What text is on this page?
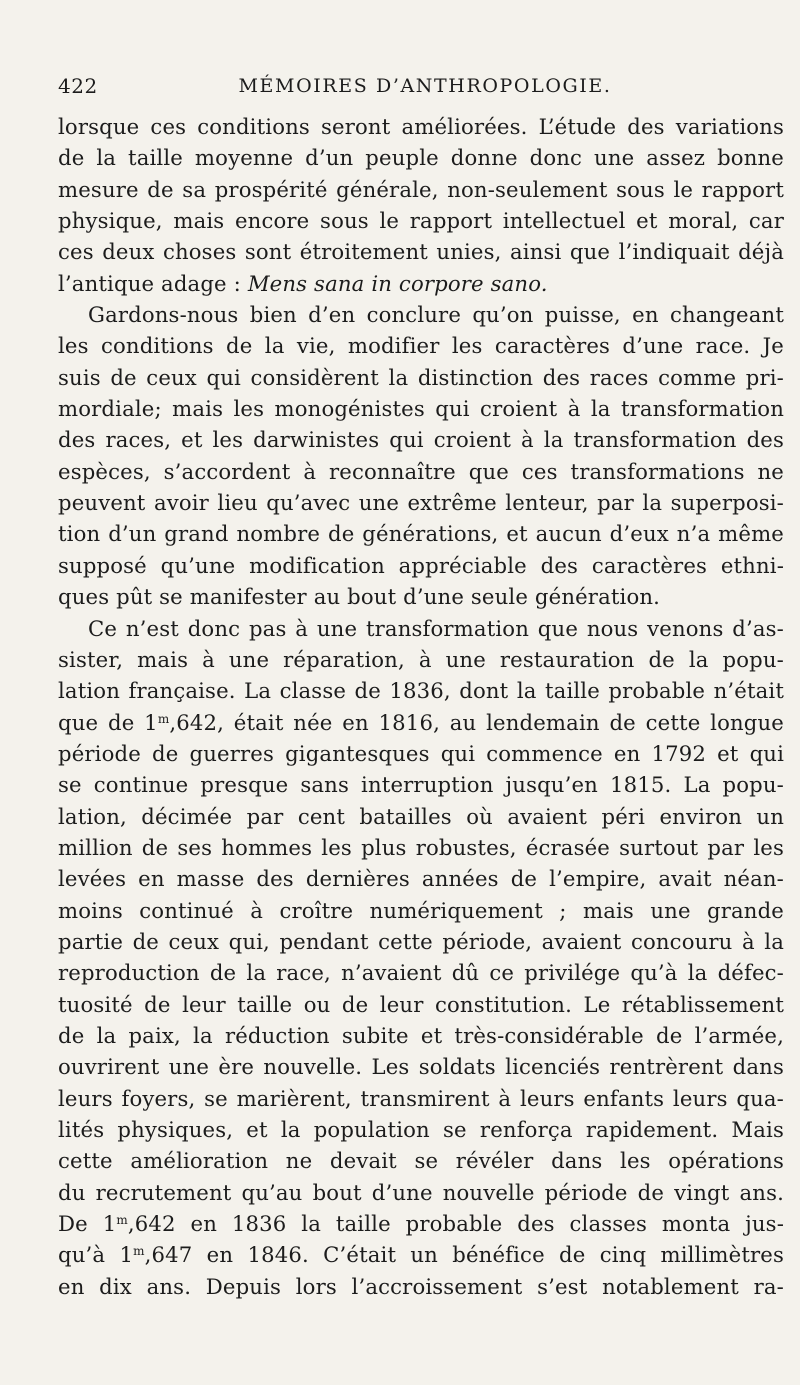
422	MÉMOIRES D’ANTHROPOLOGIE.
lorsque ces conditions seront améliorées. L’étude des variations
de la taille moyenne d’un peuple donne donc une assez bonne
mesure de sa prospérité générale, non-seulement sous le rapport
physique, mais encore sous le rapport intellectuel et moral, car
ces deux choses sont étroitement unies, ainsi que l’indiquait déjà
l’antique adage : Mens sana in corpore sano.
Gardons-nous bien d’en conclure qu’on puisse, en changeant
les conditions de la vie, modifier les caractères d’une race. Je
suis de ceux qui considèrent la distinction des races comme pri-
mordiale; mais les monogénistes qui croient à la transformation
des races, et les darwinistes qui croient à la transformation des
espèces, s’accordent à reconnaître que ces transformations ne
peuvent avoir lieu qu’avec une extrême lenteur, par la superposi-
tion d’un grand nombre de générations, et aucun d’eux n’a même
supposé qu’une modification appréciable des caractères ethni-
ques pût se manifester au bout d’une seule génération.
Ce n’est donc pas à une transformation que nous venons d’as-
sister, mais à une réparation, à une restauration de la popu-
lation française. La classe de 1836, dont la taille probable n’était
que de 1$^m$,642, était née en 1816, au lendemain de cette longue
période de guerres gigantesques qui commence en 1792 et qui
se continue presque sans interruption jusqu’en 1815. La popu-
lation, décimée par cent batailles où avaient péri environ un
million de ses hommes les plus robustes, écrasée surtout par les
levées en masse des dernières années de l’empire, avait néan-
moins continué à croître numériquement ; mais une grande
partie de ceux qui, pendant cette période, avaient concouru à la
reproduction de la race, n’avaient dû ce privilége qu’à la défec-
tuosité de leur taille ou de leur constitution. Le rétablissement
de la paix, la réduction subite et très-considérable de l’armée,
ouvrirent une ère nouvelle. Les soldats licenciés rentrèrent dans
leurs foyers, se marièrent, transmirent à leurs enfants leurs qua-
lités physiques, et la population se renforça rapidement. Mais
cette amélioration ne devait se révéler dans les opérations
du recrutement qu’au bout d’une nouvelle période de vingt ans.
De 1$^m$,642 en 1836 la taille probable des classes monta jus-
qu’à 1$^m$,647 en 1846. C’était un bénéfice de cinq millimètres
en dix ans. Depuis lors l’accroissement s’est notablement ra-
